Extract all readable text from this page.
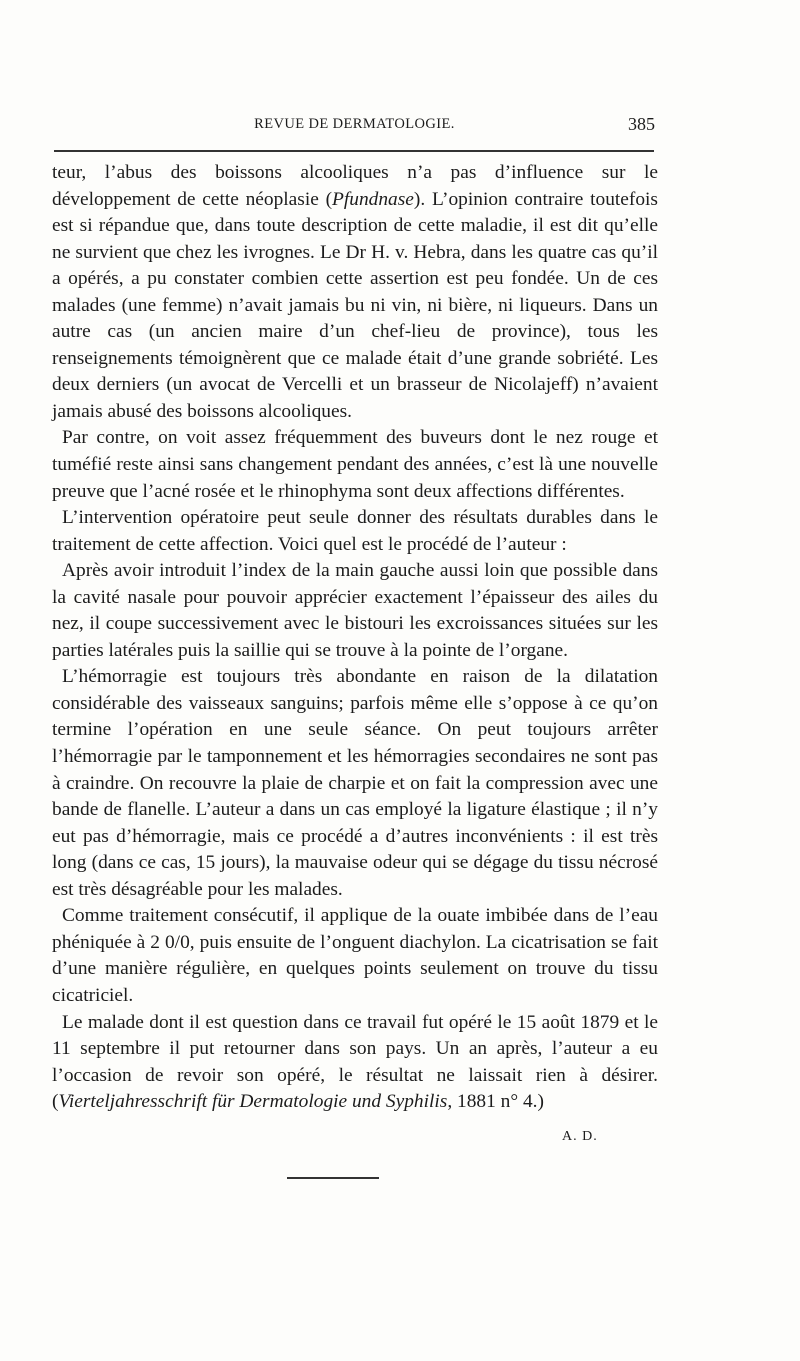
REVUE DE DERMATOLOGIE.	385

teur, l’abus des boissons alcooliques n’a pas d’influence sur le développement de cette néoplasie (Pfundnase). L’opinion contraire toutefois est si répandue que, dans toute description de cette maladie, il est dit qu’elle ne survient que chez les ivrognes. Le Dr H. v. Hebra, dans les quatre cas qu’il a opérés, a pu constater combien cette assertion est peu fondée. Un de ces malades (une femme) n’avait jamais bu ni vin, ni bière, ni liqueurs. Dans un autre cas (un ancien maire d’un chef-lieu de province), tous les renseignements témoignèrent que ce malade était d’une grande sobriété. Les deux derniers (un avocat de Vercelli et un brasseur de Nicolajeff) n’avaient jamais abusé des boissons alcooliques.

Par contre, on voit assez fréquemment des buveurs dont le nez rouge et tuméfié reste ainsi sans changement pendant des années, c’est là une nouvelle preuve que l’acné rosée et le rhinophyma sont deux affections différentes.

L’intervention opératoire peut seule donner des résultats durables dans le traitement de cette affection. Voici quel est le procédé de l’auteur :

Après avoir introduit l’index de la main gauche aussi loin que possible dans la cavité nasale pour pouvoir apprécier exactement l’épaisseur des ailes du nez, il coupe successivement avec le bistouri les excroissances situées sur les parties latérales puis la saillie qui se trouve à la pointe de l’organe.

L’hémorragie est toujours très abondante en raison de la dilatation considérable des vaisseaux sanguins; parfois même elle s’oppose à ce qu’on termine l’opération en une seule séance. On peut toujours arrêter l’hémorragie par le tamponnement et les hémorragies secondaires ne sont pas à craindre. On recouvre la plaie de charpie et on fait la compression avec une bande de flanelle. L’auteur a dans un cas employé la ligature élastique ; il n’y eut pas d’hémorragie, mais ce procédé a d’autres inconvénients : il est très long (dans ce cas, 15 jours), la mauvaise odeur qui se dégage du tissu nécrosé est très désagréable pour les malades.

Comme traitement consécutif, il applique de la ouate imbibée dans de l’eau phéniquée à 2 0/0, puis ensuite de l’onguent diachylon. La cicatrisation se fait d’une manière régulière, en quelques points seulement on trouve du tissu cicatriciel.

Le malade dont il est question dans ce travail fut opéré le 15 août 1879 et le 11 septembre il put retourner dans son pays. Un an après, l’auteur a eu l’occasion de revoir son opéré, le résultat ne laissait rien à désirer. (Vierteljahresschrift für Dermatologie und Syphilis, 1881 n° 4.)

A. D.
